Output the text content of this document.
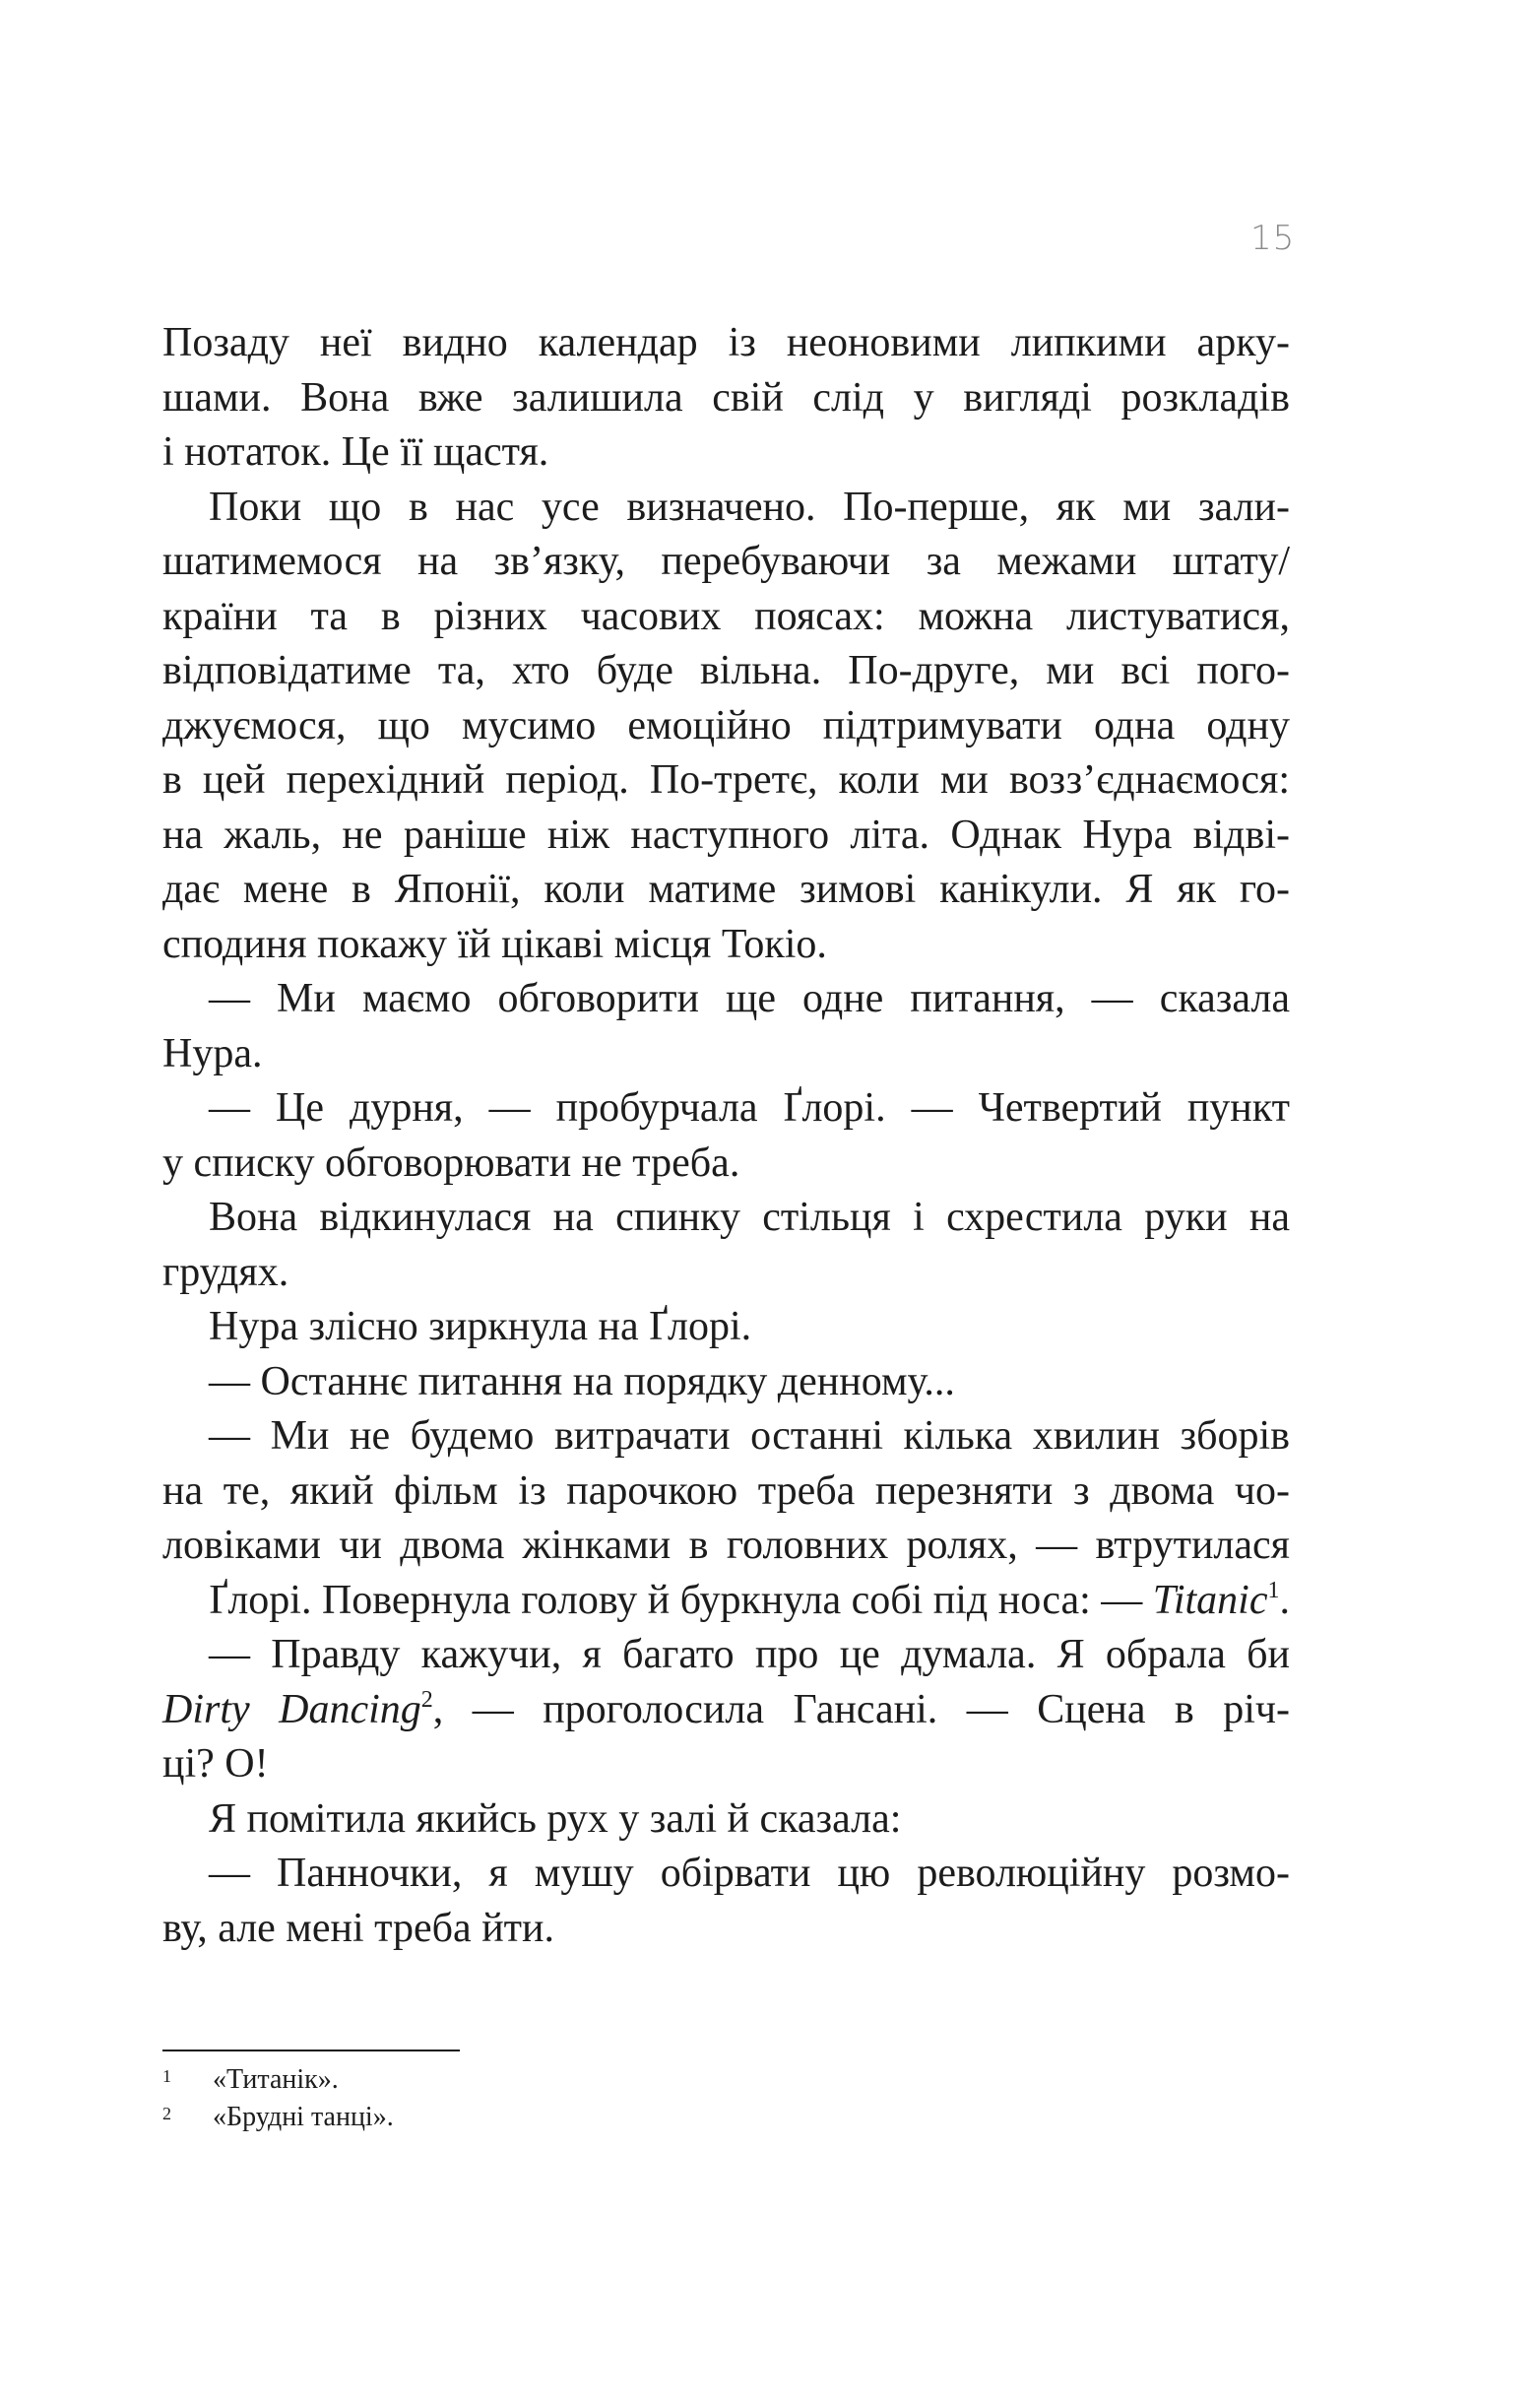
15
Позаду неї видно календар із неоновими липкими арку-
шами. Вона вже залишила свій слід у вигляді розкладів
і нотаток. Це її щастя.
Поки що в нас усе визначено. По-перше, як ми зали-
шатимемося на зв’язку, перебуваючи за межами штату/
країни та в різних часових поясах: можна листуватися,
відповідатиме та, хто буде вільна. По-друге, ми всі пого-
джуємося, що мусимо емоційно підтримувати одна одну
в цей перехідний період. По-третє, коли ми возз’єднаємося:
на жаль, не раніше ніж наступного літа. Однак Нура відві-
дає мене в Японії, коли матиме зимові канікули. Я як го-
сподиня покажу їй цікаві місця Токіо.
— Ми маємо обговорити ще одне питання, — сказала
Нура.
— Це дурня, — пробурчала Ґлорі. — Четвертий пункт
у списку обговорювати не треба.
Вона відкинулася на спинку стільця і схрестила руки на
грудях.
Нура злісно зиркнула на Ґлорі.
— Останнє питання на порядку денному...
— Ми не будемо витрачати останні кілька хвилин зборів
на те, який фільм із парочкою треба перезняти з двома чо-
ловіками чи двома жінками в головних ролях, — втрутилася
Ґлорі. Повернула голову й буркнула собі під носа: — Titanic$^1$.
— Правду кажучи, я багато про це думала. Я обрала би
Dirty Dancing$^2$, — проголосила Гансані. — Сцена в річ-
ці? О!
Я помітила якийсь рух у залі й сказала:
— Панночки, я мушу обірвати цю революційну розмо-
ву, але мені треба йти.
1 «Титанік».
2 «Брудні танці».
